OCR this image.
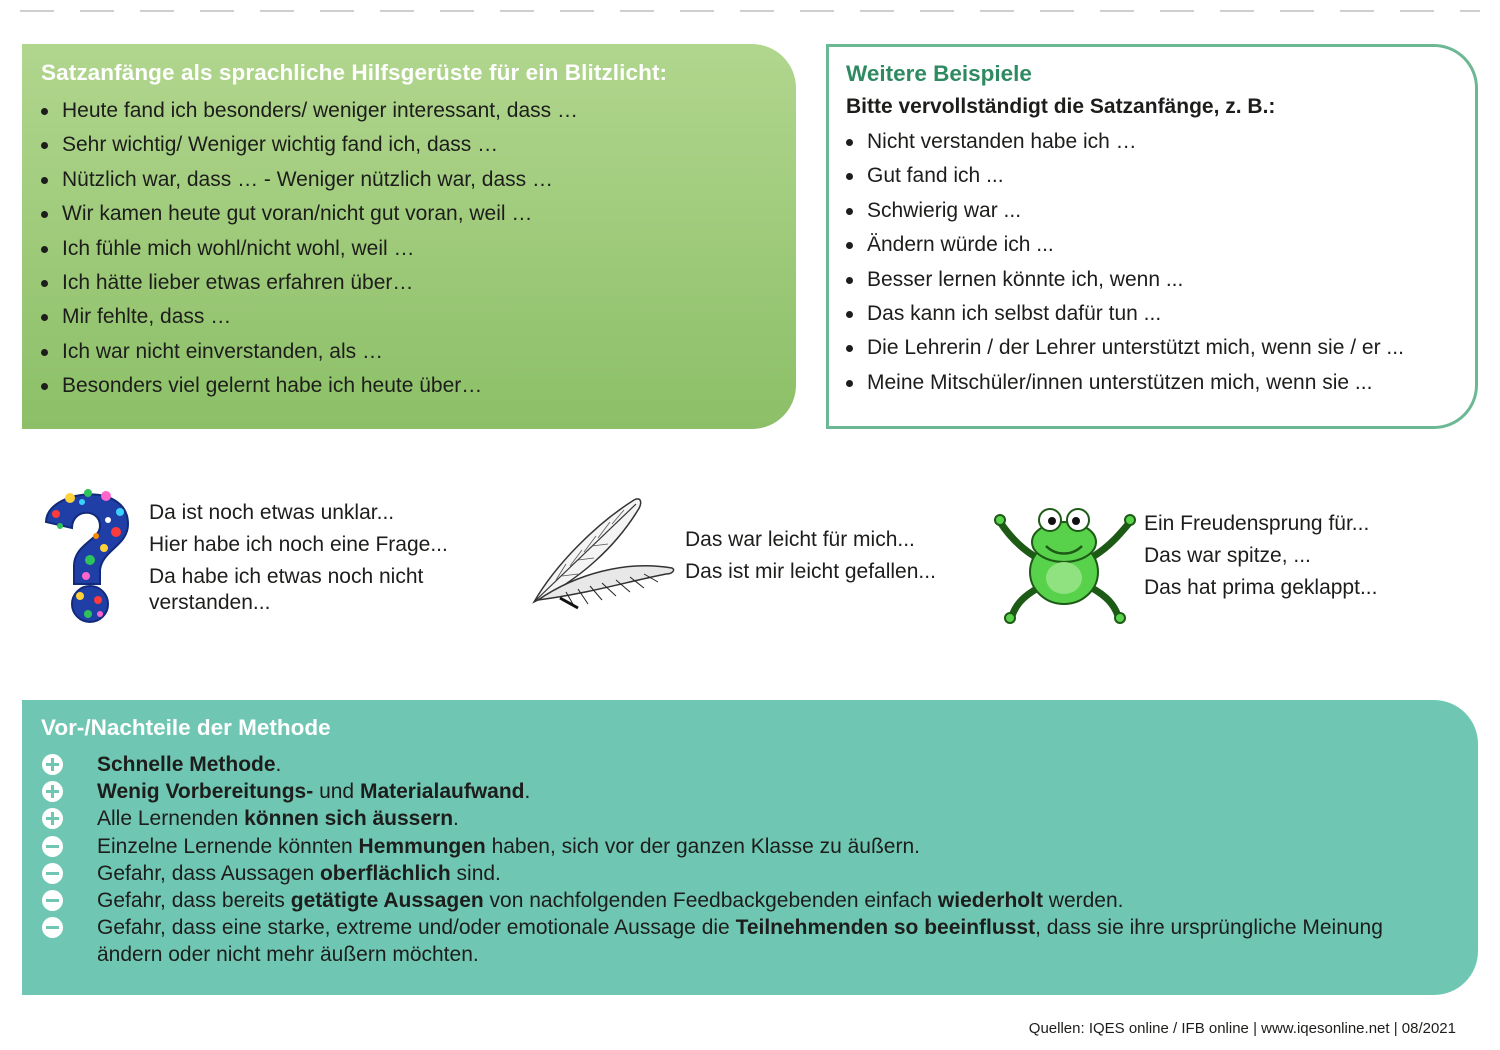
Satzanfänge als sprachliche Hilfsgerüste für ein Blitzlicht:
Heute fand ich besonders/ weniger interessant, dass …
Sehr wichtig/ Weniger wichtig fand ich, dass …
Nützlich war, dass … - Weniger nützlich war, dass …
Wir kamen heute gut voran/nicht gut voran, weil …
Ich fühle mich wohl/nicht wohl, weil …
Ich hätte lieber etwas erfahren über…
Mir fehlte, dass …
Ich war nicht einverstanden, als …
Besonders viel gelernt habe ich heute über…
Weitere Beispiele
Bitte vervollständigt die Satzanfänge, z. B.:
Nicht verstanden habe ich …
Gut fand ich ...
Schwierig war ...
Ändern würde ich ...
Besser lernen könnte ich, wenn ...
Das kann ich selbst dafür tun ...
Die Lehrerin / der Lehrer unterstützt mich, wenn sie / er ...
Meine Mitschüler/innen unterstützen mich, wenn sie ...
Da ist noch etwas unklar...
Hier habe ich noch eine Frage...
Da habe ich etwas noch nicht verstanden...
Das war leicht für mich...
Das ist mir leicht gefallen...
Ein Freudensprung für...
Das war spitze, ...
Das hat prima geklappt...
Vor-/Nachteile der Methode
Schnelle Methode.
Wenig Vorbereitungs- und Materialaufwand.
Alle Lernenden können sich äussern.
Einzelne Lernende könnten Hemmungen haben, sich vor der ganzen Klasse zu äußern.
Gefahr, dass Aussagen oberflächlich sind.
Gefahr, dass bereits getätigte Aussagen von nachfolgenden Feedbackgebenden einfach wiederholt werden.
Gefahr, dass eine starke, extreme und/oder emotionale Aussage die Teilnehmenden so beeinflusst, dass sie ihre ursprüngliche Meinung ändern oder nicht mehr äußern möchten.
Quellen: IQES online / IFB online | www.iqesonline.net | 08/2021
